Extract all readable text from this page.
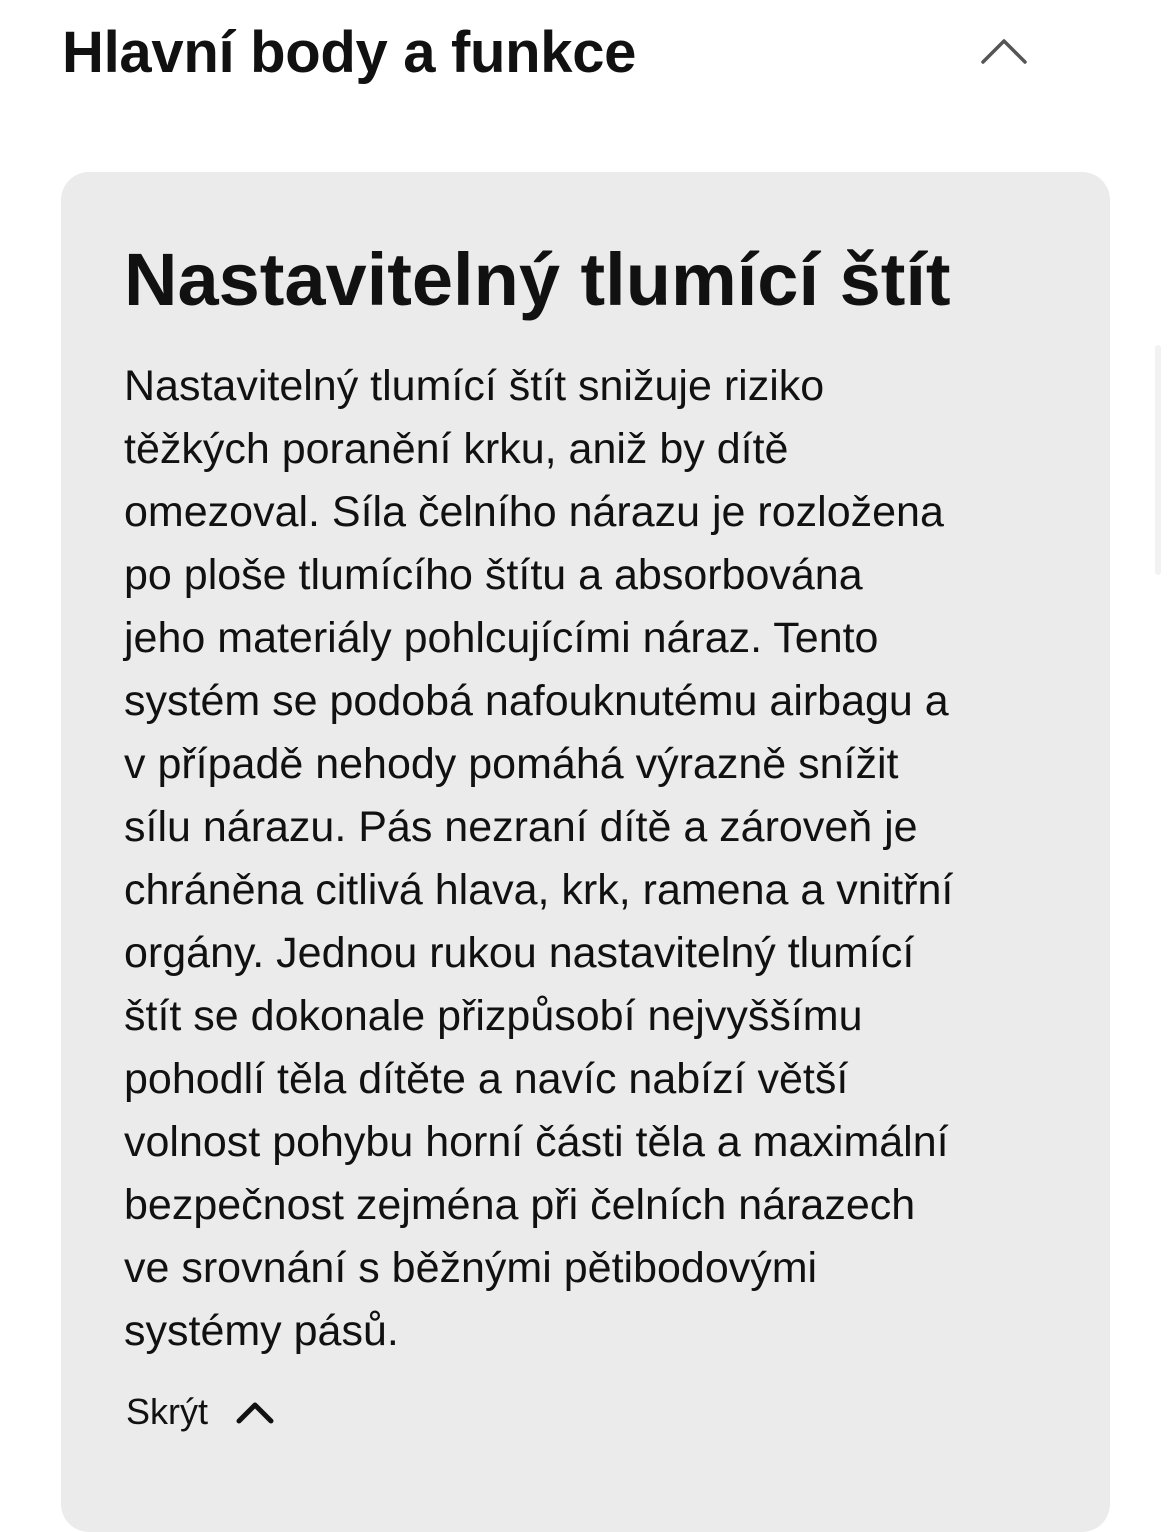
Hlavní body a funkce
Nastavitelný tlumící štít

Nastavitelný tlumící štít snižuje riziko
těžkých poranění krku, aniž by dítě
omezoval. Síla čelního nárazu je rozložena
po ploše tlumícího štítu a absorbována
jeho materiály pohlcujícími náraz. Tento
systém se podobá nafouknutému airbagu a
v případě nehody pomáhá výrazně snížit
sílu nárazu. Pás nezraní dítě a zároveň je
chráněna citlivá hlava, krk, ramena a vnitřní
orgány. Jednou rukou nastavitelný tlumící
štít se dokonale přizpůsobí nejvyššímu
pohodlí těla dítěte a navíc nabízí větší
volnost pohybu horní části těla a maximální
bezpečnost zejména při čelních nárazech
ve srovnání s běžnými pětibodovými
systémy pásů.

Skrýt
